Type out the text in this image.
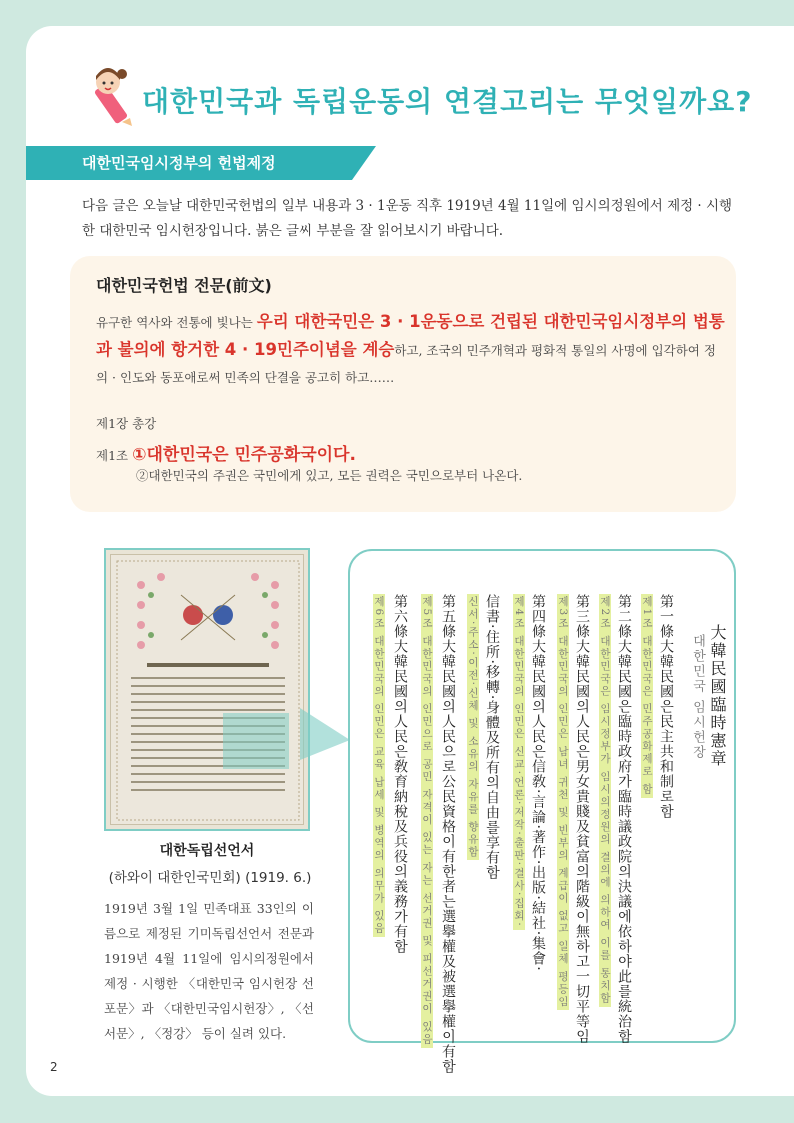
대한민국과 독립운동의 연결고리는 무엇일까요?
대한민국임시정부의 헌법제정
다음 글은 오늘날 대한민국헌법의 일부 내용과 3 · 1운동 직후 1919년 4월 11일에 임시의정원에서 제정 · 시행한 대한민국 임시헌장입니다. 붉은 글씨 부분을 잘 읽어보시기 바랍니다.
대한민국헌법 전문(前文)
유구한 역사와 전통에 빛나는 우리 대한국민은 3 · 1운동으로 건립된 대한민국임시정부의 법통과 불의에 항거한 4 · 19민주이념을 계승하고, 조국의 민주개혁과 평화적 통일의 사명에 입각하여 정의 · 인도와 동포애로써 민족의 단결을 공고히 하고……
제1장 총강
제1조 ①대한민국은 민주공화국이다.
②대한민국의 주권은 국민에게 있고, 모든 권력은 국민으로부터 나온다.
대한독립선언서
(하와이 대한인국민회) (1919. 6.)
1919년 3월 1일 민족대표 33인의 이름으로 제정된 기미독립선언서 전문과 1919년 4월 11일에 임시의정원에서 제정 · 시행한 〈대한민국 임시헌장 선포문〉과 〈대한민국임시헌장〉, 〈선서문〉, 〈정강〉 등이 실려 있다.
大韓民國臨時憲章
대한민국 임시헌장
第一條大韓民國은民主共和制로함
제1조 대한민국은 민주공화제로 함
第二條大韓民國은臨時政府가臨時議政院의決議에依하야此를統治함
제2조 대한민국은 임시정부가 임시의정원의 결의에 의하여 이를 통치함
第三條大韓民國의人民은男女貴賤及貧富의階級이無하고一切平等임
제3조 대한민국의 인민은 남녀 귀천 및 빈부의 계급이 없고 일체 평등임
第四條大韓民國의人民은信敎·言論·著作·出版·結社·集會·
제4조 대한민국의 인민은 신교·언론·저작·출판·결사·집회·
信書·住所·移轉·身體及所有의自由를享有함
신서·주소·이전·신체 및 소유의 자유를 향유함
第五條大韓民國의人民으로公民資格이有한者는選擧權及被選擧權이有함
제5조 대한민국의 인민으로 공민 자격이 있는 자는 선거권 및 피선거권이 있음
第六條大韓民國의人民은敎育納稅及兵役의義務가有함
제6조 대한민국의 인민은 교육 납세 및 병역의 의무가 있음
2
